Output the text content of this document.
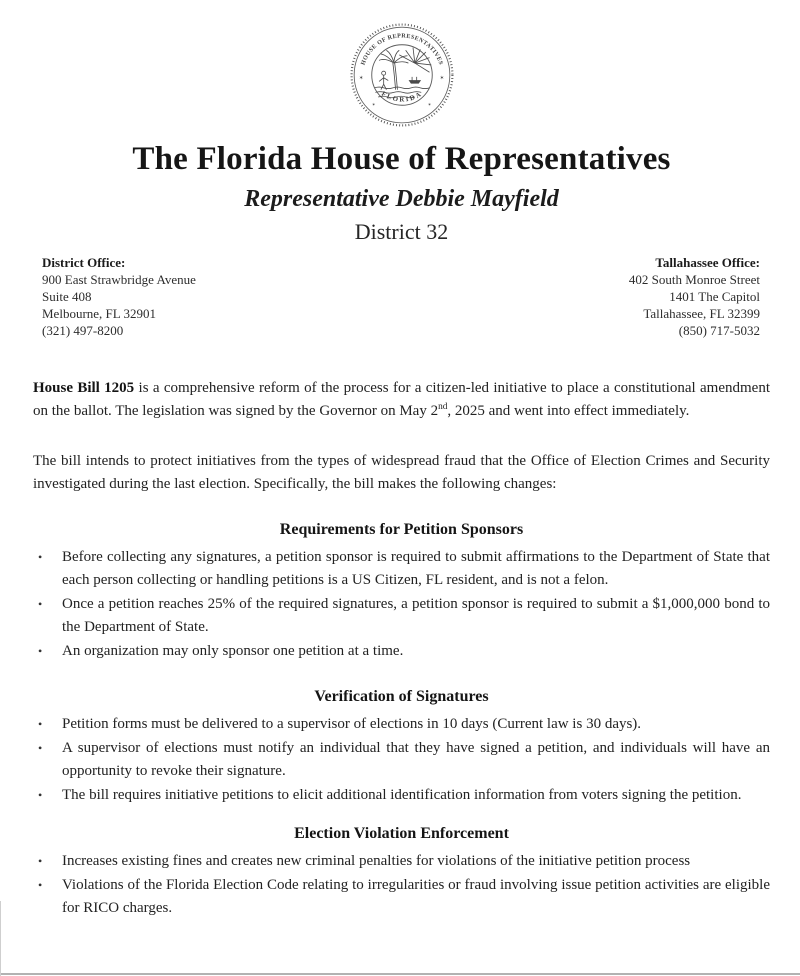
HOUSE OF REPRESENTATIVES
FLORIDA
✶	✶
✶	✶
The Florida House of Representatives
Representative Debbie Mayfield
District 32
District Office:
900 East Strawbridge Avenue
Suite 408
Melbourne, FL 32901
(321) 497-8200
Tallahassee Office:
402 South Monroe Street
1401 The Capitol
Tallahassee, FL 32399
(850) 717-5032

House Bill 1205 is a comprehensive reform of the process for a citizen-led initiative to place a constitutional amendment on the ballot. The legislation was signed by the Governor on May 2nd, 2025 and went into effect immediately.

The bill intends to protect initiatives from the types of widespread fraud that the Office of Election Crimes and Security investigated during the last election. Specifically, the bill makes the following changes:

Requirements for Petition Sponsors
•	Before collecting any signatures, a petition sponsor is required to submit affirmations to the Department of State that each person collecting or handling petitions is a US Citizen, FL resident, and is not a felon.
•	Once a petition reaches 25% of the required signatures, a petition sponsor is required to submit a $1,000,000 bond to the Department of State.
•	An organization may only sponsor one petition at a time.
Verification of Signatures
•	Petition forms must be delivered to a supervisor of elections in 10 days (Current law is 30 days).
•	A supervisor of elections must notify an individual that they have signed a petition, and individuals will have an opportunity to revoke their signature.
•	The bill requires initiative petitions to elicit additional identification information from voters signing the petition.
Election Violation Enforcement
•	Increases existing fines and creates new criminal penalties for violations of the initiative petition process
•	Violations of the Florida Election Code relating to irregularities or fraud involving issue petition activities are eligible for RICO charges.
